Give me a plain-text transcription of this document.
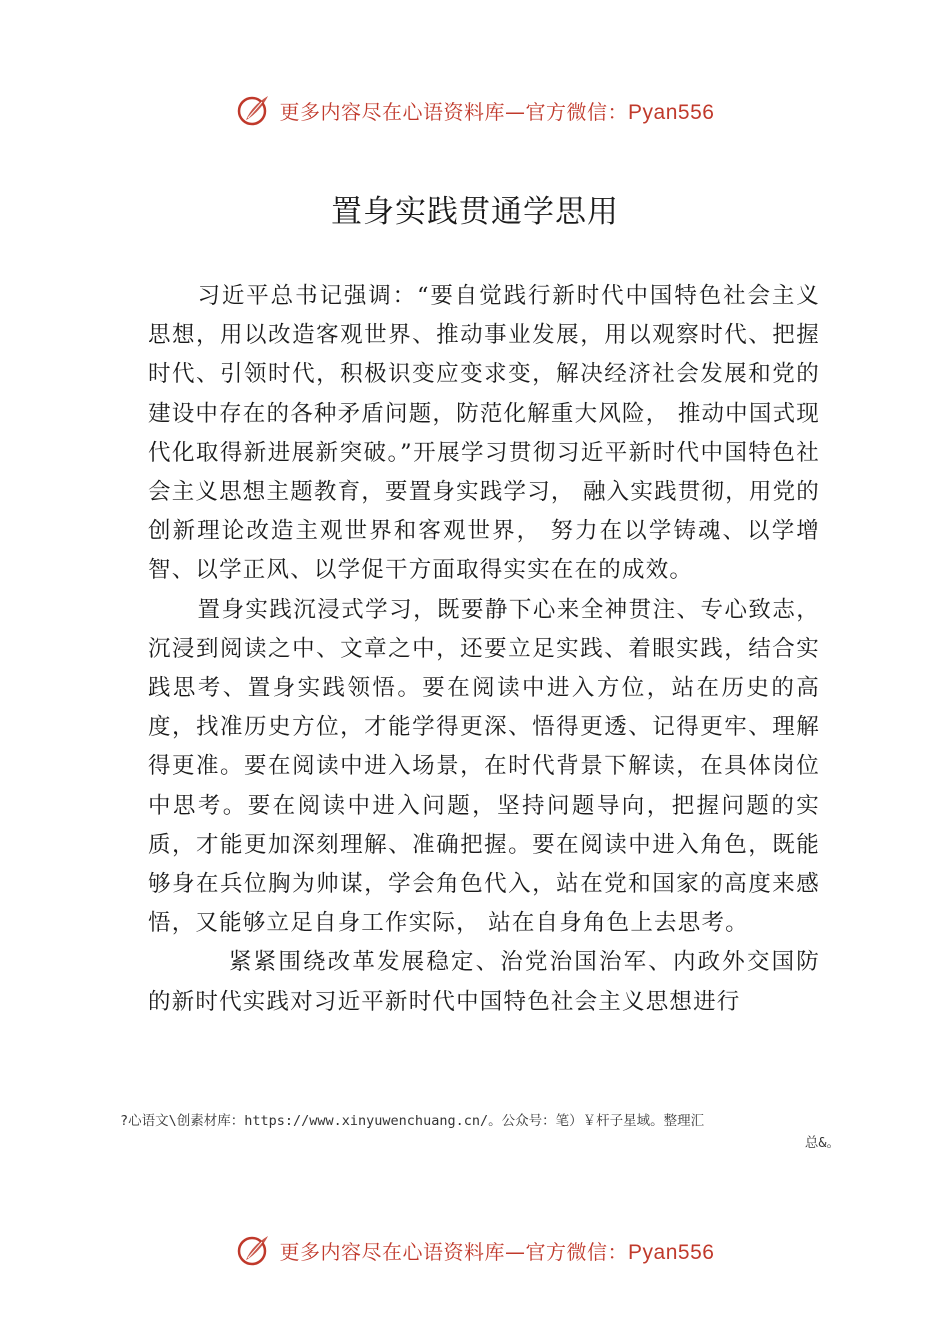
更多内容尽在心语资料库—官方微信：Pyan556
置身实践贯通学思用

习近平总书记强调：“要自觉践行新时代中国特色社会主义思想，用以改造客观世界、推动事业发展，用以观察时代、把握时代、引领时代，积极识变应变求变，解决经济社会发展和党的建设中存在的各种矛盾问题，防范化解重大风险， 推动中国式现代化取得新进展新突破。”开展学习贯彻习近平新时代中国特色社会主义思想主题教育，要置身实践学习， 融入实践贯彻，用党的创新理论改造主观世界和客观世界， 努力在以学铸魂、以学增智、以学正风、以学促干方面取得实实在在的成效。

置身实践沉浸式学习，既要静下心来全神贯注、专心致志，沉浸到阅读之中、文章之中，还要立足实践、着眼实践，结合实践思考、置身实践领悟。要在阅读中进入方位，站在历史的高度，找准历史方位，才能学得更深、悟得更透、记得更牢、理解得更准。要在阅读中进入场景，在时代背景下解读，在具体岗位中思考。要在阅读中进入问题，坚持问题导向，把握问题的实质，才能更加深刻理解、准确把握。要在阅读中进入角色，既能够身在兵位胸为帅谋，学会角色代入，站在党和国家的高度来感悟，又能够立足自身工作实际， 站在自身角色上去思考。

紧紧围绕改革发展稳定、治党治国治军、内政外交国防的新时代实践对习近平新时代中国特色社会主义思想进行

?心语文\创素材库：https://www.xinyuwenchuang.cn/。公众号：笔）￥杆子星域。整理汇
总&。
更多内容尽在心语资料库—官方微信：Pyan556
